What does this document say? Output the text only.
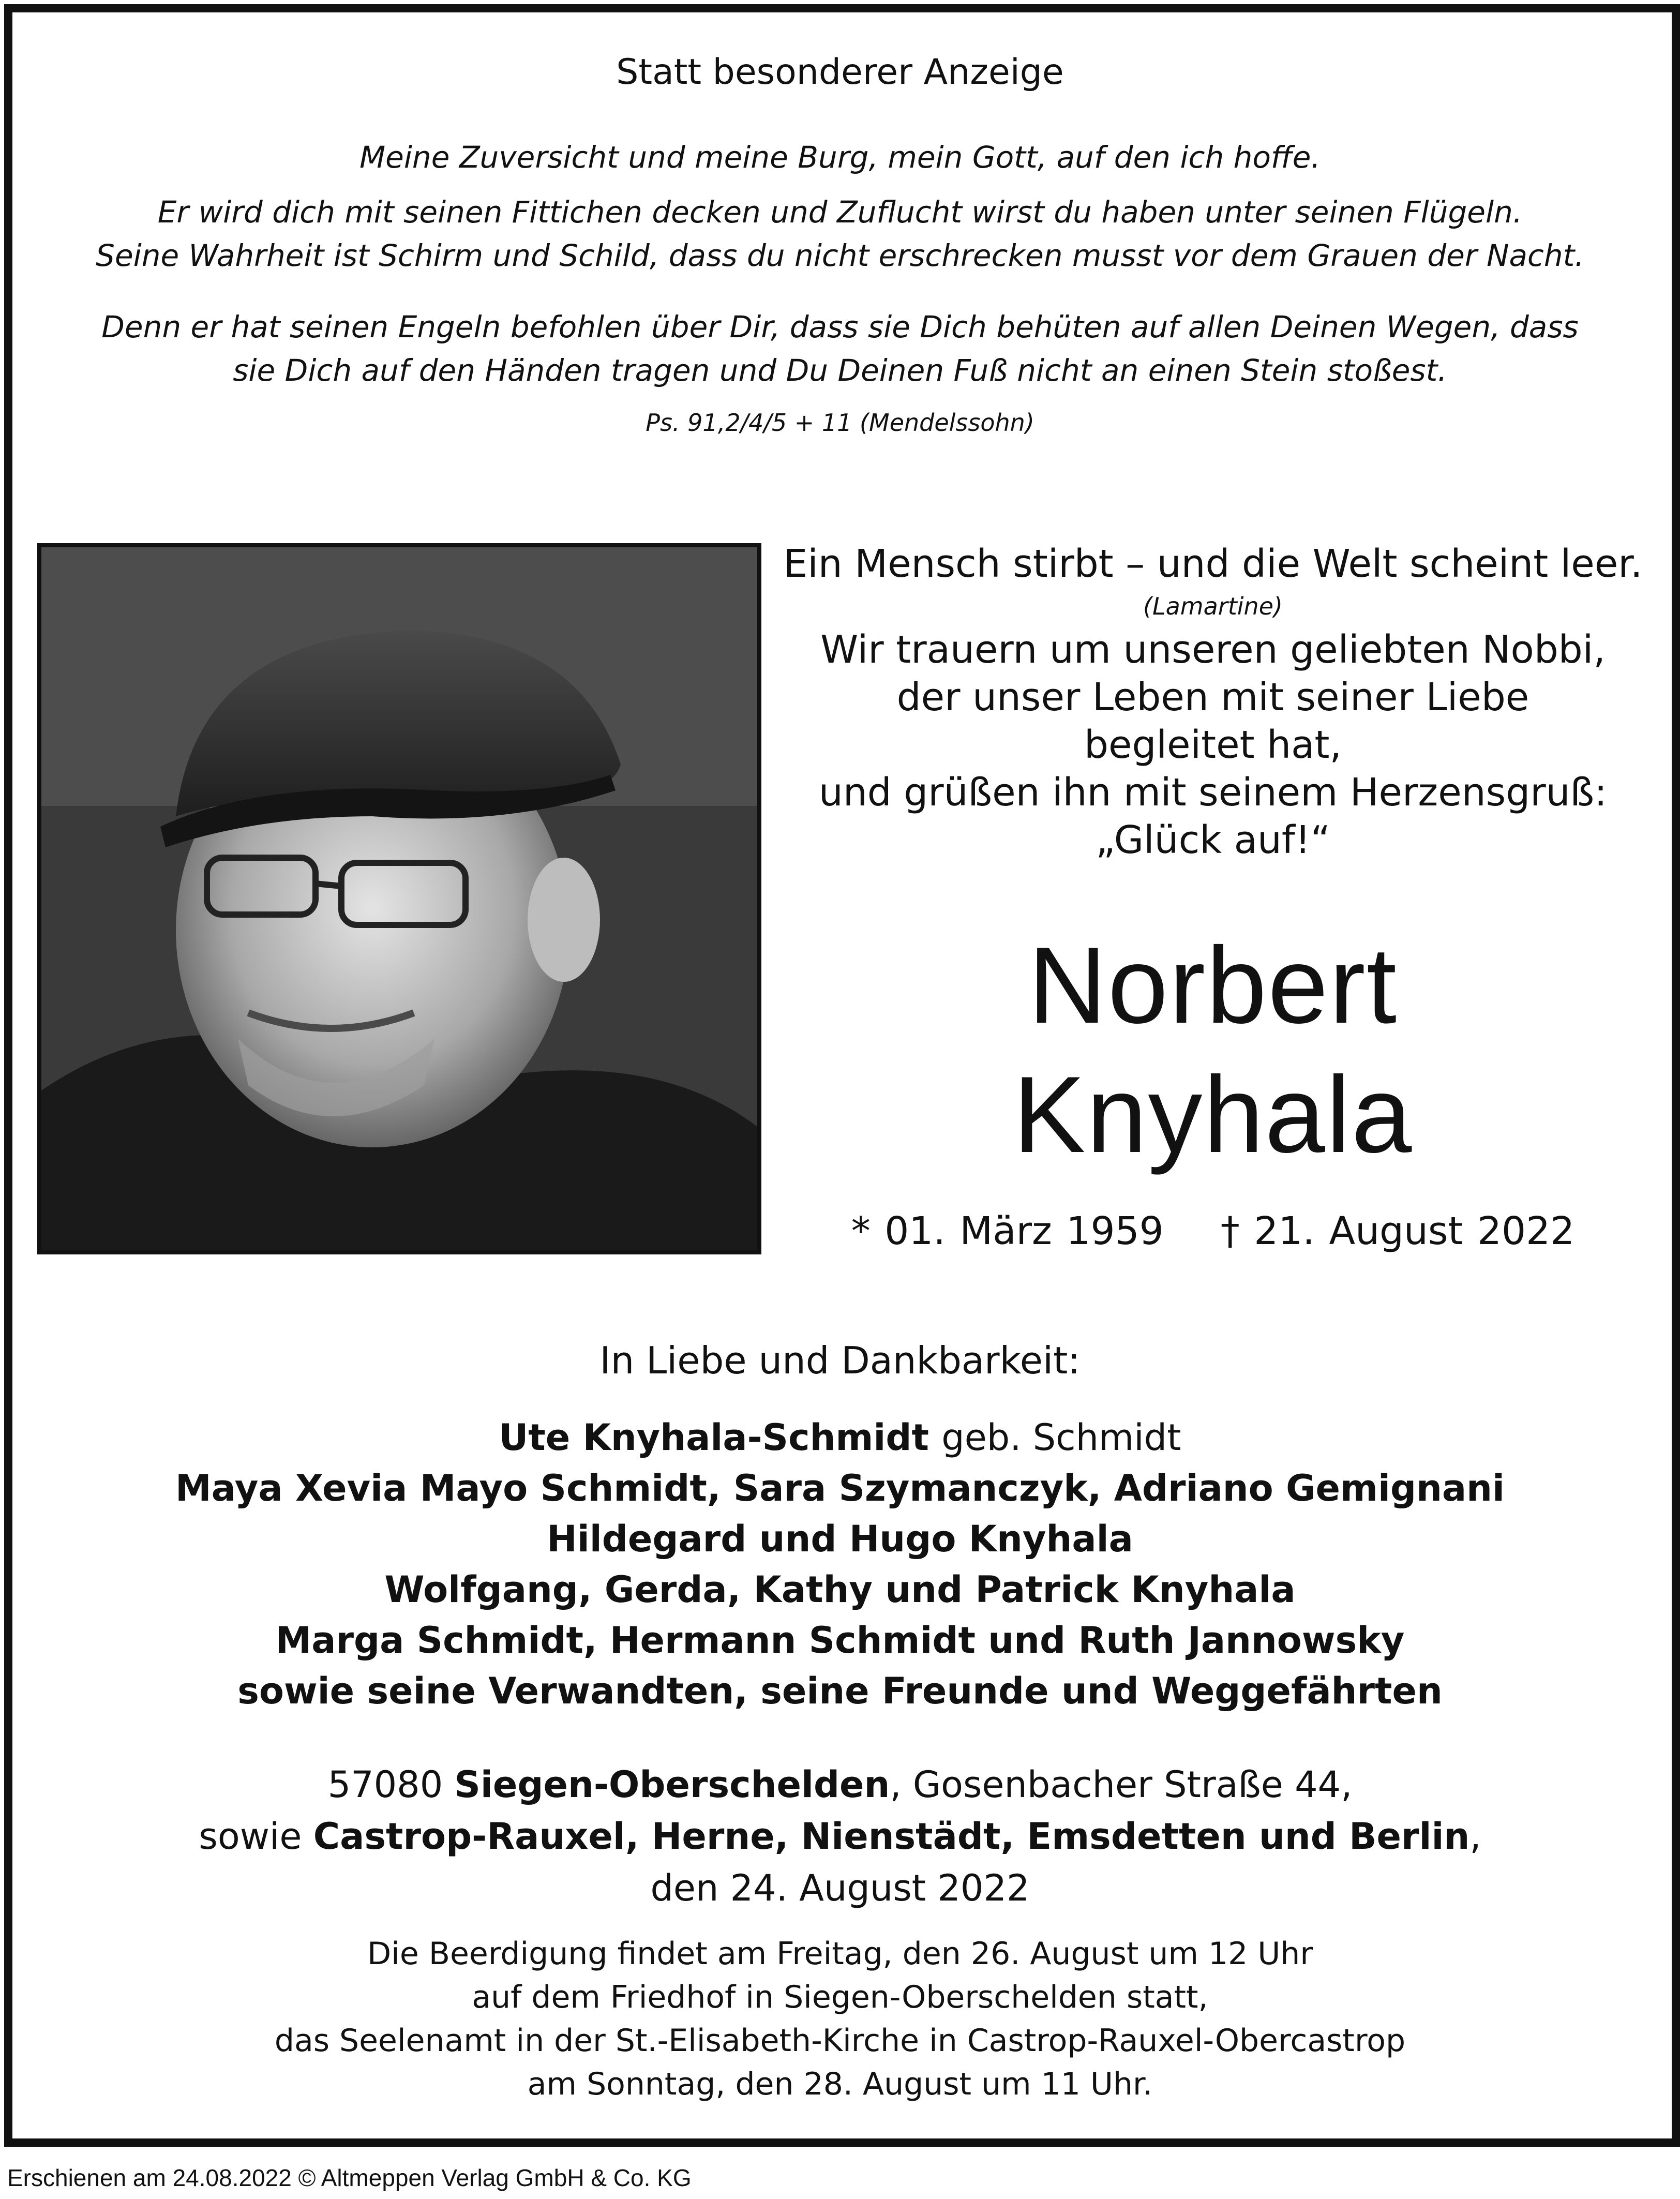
Statt besonderer Anzeige
Meine Zuversicht und meine Burg, mein Gott, auf den ich hoffe.
Er wird dich mit seinen Fittichen decken und Zuflucht wirst du haben unter seinen Flügeln.
Seine Wahrheit ist Schirm und Schild, dass du nicht erschrecken musst vor dem Grauen der Nacht.
Denn er hat seinen Engeln befohlen über Dir, dass sie Dich behüten auf allen Deinen Wegen, dass
sie Dich auf den Händen tragen und Du Deinen Fuß nicht an einen Stein stoßest.
Ps. 91,2/4/5 + 11 (Mendelssohn)
Ein Mensch stirbt – und die Welt scheint leer.
(Lamartine)
Wir trauern um unseren geliebten Nobbi,
der unser Leben mit seiner Liebe
begleitet hat,
und grüßen ihn mit seinem Herzensgruß:
„Glück auf!“
Norbert
Knyhala
* 01. März 1959 † 21. August 2022
In Liebe und Dankbarkeit:
Ute Knyhala-Schmidt geb. Schmidt
Maya Xevia Mayo Schmidt, Sara Szymanczyk, Adriano Gemignani
Hildegard und Hugo Knyhala
Wolfgang, Gerda, Kathy und Patrick Knyhala
Marga Schmidt, Hermann Schmidt und Ruth Jannowsky
sowie seine Verwandten, seine Freunde und Weggefährten
57080 Siegen-Oberschelden, Gosenbacher Straße 44,
sowie Castrop-Rauxel, Herne, Nienstädt, Emsdetten und Berlin,
den 24. August 2022
Die Beerdigung findet am Freitag, den 26. August um 12 Uhr
auf dem Friedhof in Siegen-Oberschelden statt,
das Seelenamt in der St.-Elisabeth-Kirche in Castrop-Rauxel-Obercastrop
am Sonntag, den 28. August um 11 Uhr.
Erschienen am 24.08.2022 © Altmeppen Verlag GmbH & Co. KG
